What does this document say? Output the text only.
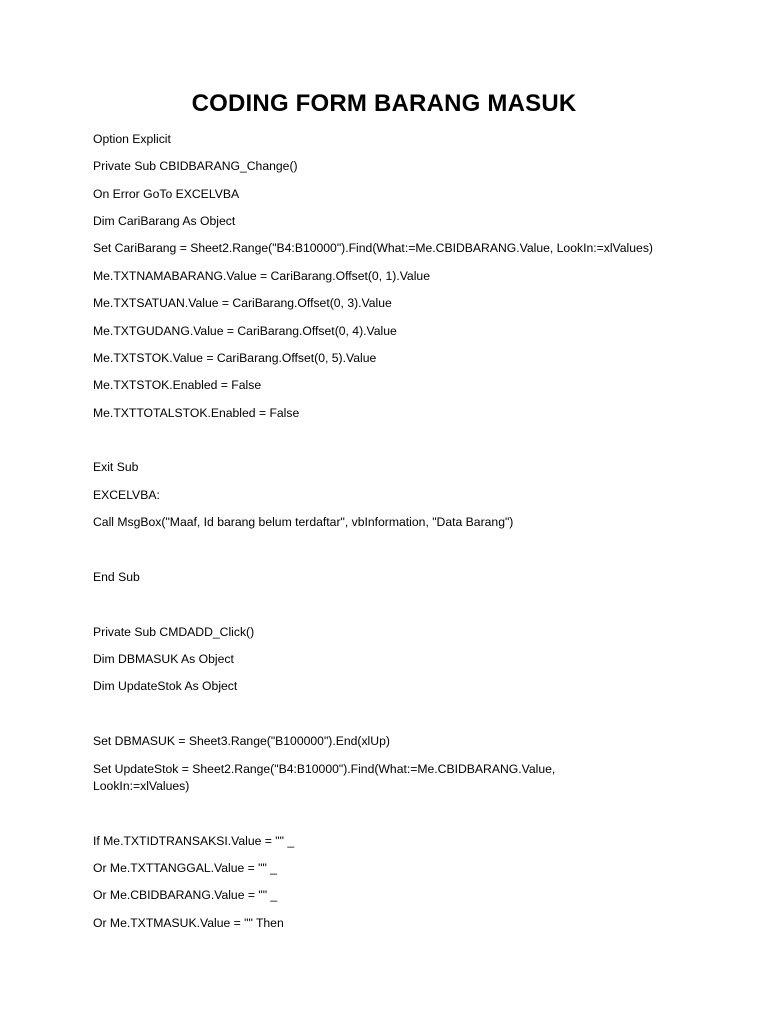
CODING FORM BARANG MASUK
Option Explicit
Private Sub CBIDBARANG_Change()
On Error GoTo EXCELVBA
Dim CariBarang As Object
Set CariBarang = Sheet2.Range("B4:B10000").Find(What:=Me.CBIDBARANG.Value, LookIn:=xlValues)
Me.TXTNAMABARANG.Value = CariBarang.Offset(0, 1).Value
Me.TXTSATUAN.Value = CariBarang.Offset(0, 3).Value
Me.TXTGUDANG.Value = CariBarang.Offset(0, 4).Value
Me.TXTSTOK.Value = CariBarang.Offset(0, 5).Value
Me.TXTSTOK.Enabled = False
Me.TXTTOTALSTOK.Enabled = False
Exit Sub
EXCELVBA:
Call MsgBox("Maaf, Id barang belum terdaftar", vbInformation, "Data Barang")
End Sub
Private Sub CMDADD_Click()
Dim DBMASUK As Object
Dim UpdateStok As Object
Set DBMASUK = Sheet3.Range("B100000").End(xlUp)
Set UpdateStok = Sheet2.Range("B4:B10000").Find(What:=Me.CBIDBARANG.Value, LookIn:=xlValues)
If Me.TXTIDTRANSAKSI.Value = "" _
Or Me.TXTTANGGAL.Value = "" _
Or Me.CBIDBARANG.Value = "" _
Or Me.TXTMASUK.Value = "" Then
